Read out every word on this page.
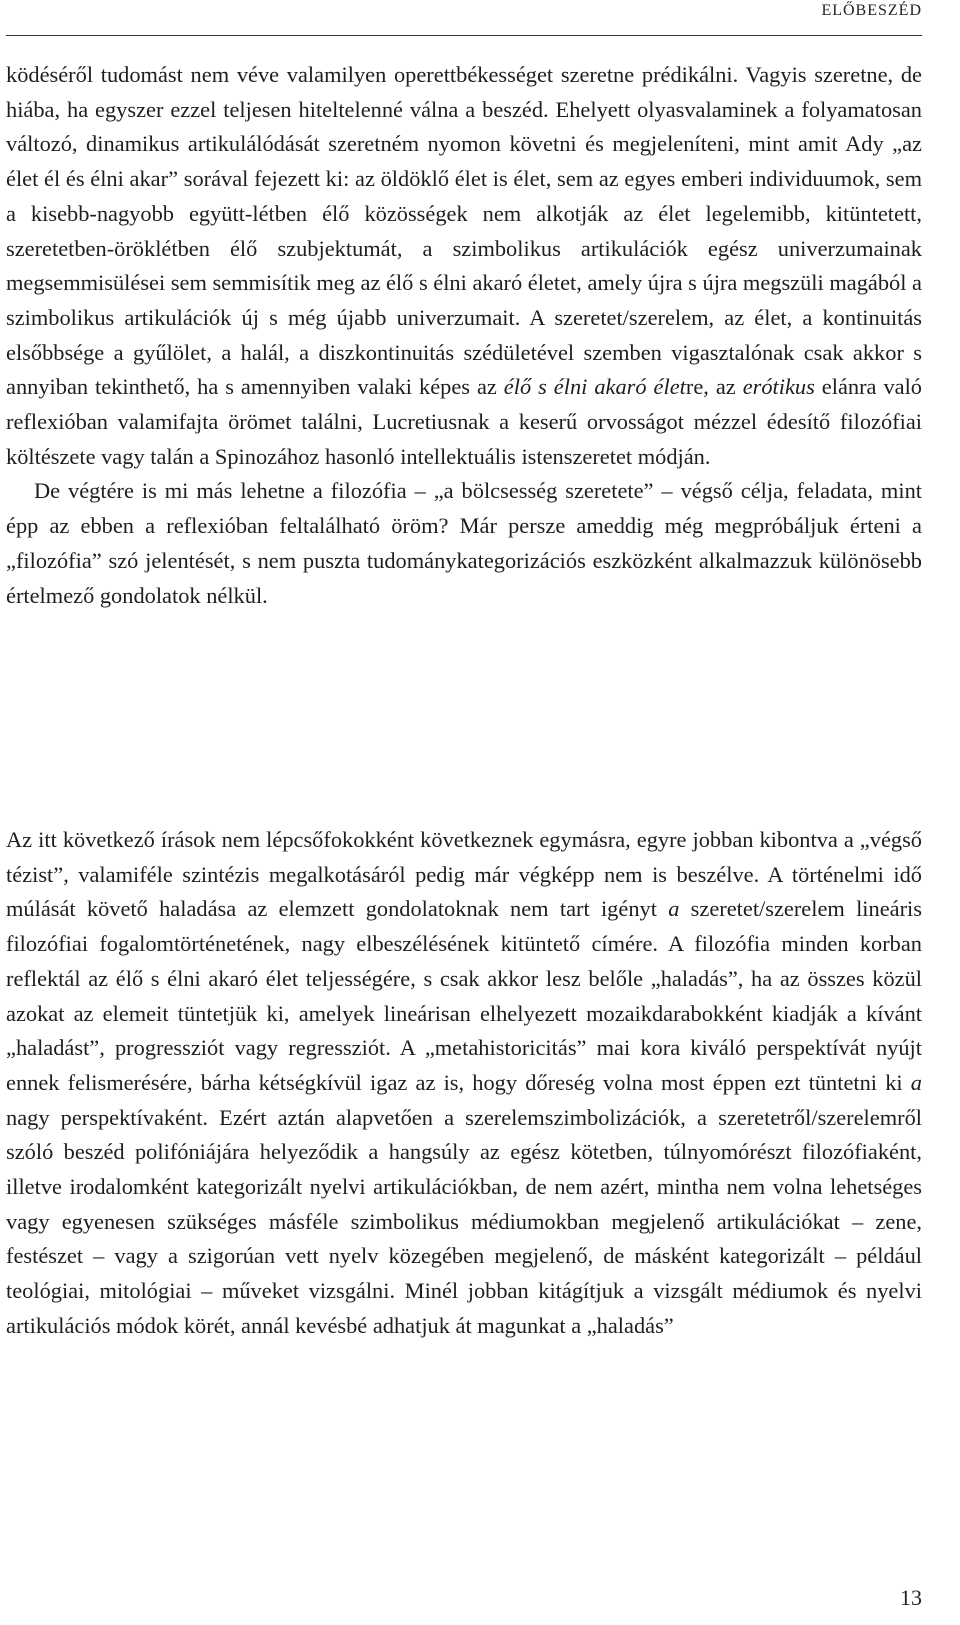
ELŐBESZÉD

ködéséről tudomást nem véve valamilyen operettbékességet szeretne prédikálni. Vagyis szeretne, de hiába, ha egyszer ezzel teljesen hiteltelenné válna a beszéd. Ehelyett olyasvalaminek a folyamatosan változó, dinamikus artikulálódását szeretném nyomon követni és megjeleníteni, mint amit Ady „az élet él és élni akar” sorával fejezett ki: az öldöklő élet is élet, sem az egyes emberi individuumok, sem a kisebb-nagyobb együtt-létben élő közösségek nem alkotják az élet legelemibb, kitüntetett, szeretetben-öröklétben élő szubjektumát, a szimbolikus artikulációk egész univerzumainak megsemmisülései sem semmisítik meg az élő s élni akaró életet, amely újra s újra megszüli magából a szimbolikus artikulációk új s még újabb univerzumait. A szeretet/szerelem, az élet, a kontinuitás elsőbbsége a gyűlölet, a halál, a diszkontinuitás szédületével szemben vigasztalónak csak akkor s annyiban tekinthető, ha s amennyiben valaki képes az élő s élni akaró életre, az erótikus elánra való reflexióban valamifajta örömet találni, Lucretiusnak a keserű orvosságot mézzel édesítő filozófiai költészete vagy talán a Spinozához hasonló intellektuális istenszeretet módján.

De végtére is mi más lehetne a filozófia – „a bölcsesség szeretete” – végső célja, feladata, mint épp az ebben a reflexióban feltalálható öröm? Már persze ameddig még megpróbáljuk érteni a „filozófia” szó jelentését, s nem puszta tudománykategorizációs eszközként alkalmazzuk különösebb értelmező gondolatok nélkül.

Az itt következő írások nem lépcsőfokokként következnek egymásra, egyre jobban kibontva a „végső tézist”, valamiféle szintézis megalkotásáról pedig már végképp nem is beszélve. A történelmi idő múlását követő haladása az elemzett gondolatoknak nem tart igényt a szeretet/szerelem lineáris filozófiai fogalomtörténetének, nagy elbeszélésének kitüntető címére. A filozófia minden korban reflektál az élő s élni akaró élet teljességére, s csak akkor lesz belőle „haladás”, ha az összes közül azokat az elemeit tüntetjük ki, amelyek lineárisan elhelyezett mozaikdarabokként kiadják a kívánt „haladást”, progressziót vagy regressziót. A „metahistoricitás” mai kora kiváló perspektívát nyújt ennek felismerésére, bárha kétségkívül igaz az is, hogy dőreség volna most éppen ezt tüntetni ki a nagy perspektívaként. Ezért aztán alapvetően a szerelemszimbolizációk, a szeretetről/szerelemről szóló beszéd polifóniájára helyeződik a hangsúly az egész kötetben, túlnyomórészt filozófiaként, illetve irodalomként kategorizált nyelvi artikulációkban, de nem azért, mintha nem volna lehetséges vagy egyenesen szükséges másféle szimbolikus médiumokban megjelenő artikulációkat – zene, festészet – vagy a szigorúan vett nyelv közegében megjelenő, de másként kategorizált – például teológiai, mitológiai – műveket vizsgálni. Minél jobban kitágítjuk a vizsgált médiumok és nyelvi artikulációs módok körét, annál kevésbé adhatjuk át magunkat a „haladás”

13
